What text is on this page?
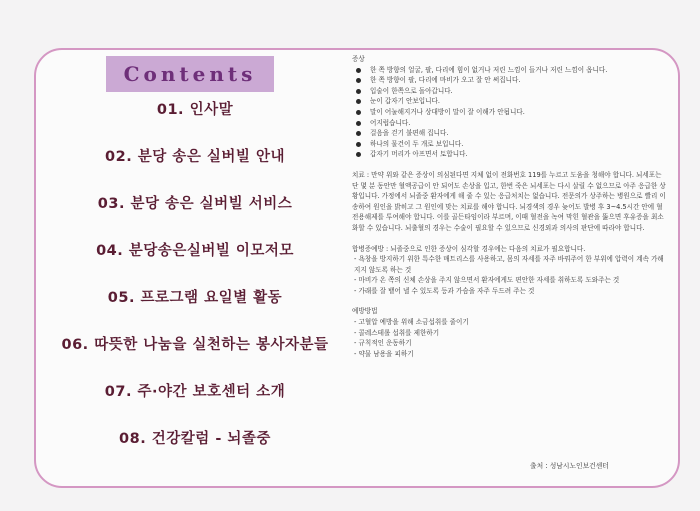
Contents
01. 인사말
02. 분당 송은 실버빌 안내
03. 분당 송은 실버빌 서비스
04. 분당송은실버빌 이모저모
05. 프로그램 요일별 활동
06. 따뜻한 나눔을 실천하는 봉사자분들
07. 주·야간 보호센터 소개
08. 건강칼럼 - 뇌졸중
증상
한 쪽 방향의 얼굴, 팔, 다리에 힘이 없거나 저린 느낌이 들거나 저린 느낌이 옵니다.
한 쪽 방향이 팔, 다리에 마비가 오고 잘 안 써집니다.
입술이 한쪽으로 돌아갑니다.
눈이 갑자기 안보입니다.
말이 어눌해지거나 상대방이 말이 잘 이해가 안됩니다.
어지럽습니다.
걸음을 걷기 불편해 집니다.
하나의 물건이 두 개로 보입니다.
갑자기 머리가 아프면서 토합니다.

치료 : 만약 위와 같은 증상이 의심된다면 지체 없이 전화번호 119를 누르고 도움을 청해야 합니다. 뇌세포는 단 몇 분 동안만 혈액공급이 안 되어도 손상을 입고, 한번 죽은 뇌세포는 다시 살릴 수 없으므로 아주 응급한 상황입니다. 가정에서 뇌졸중 환자에게 해 줄 수 있는 응급처치는 없습니다. 전문의가 상주하는 병원으로 빨리 이송하여 원인을 밝히고 그 원인에 맞는 치료를 해야 합니다. 뇌경색의 경우 늦어도 발병 후 3~4.5시간 안에 혈전용해제를 투여해야 합니다. 이를 골든타임이라 부르며, 이때 혈전을 녹여 막힌 혈관을 뚫으면 후유증을 최소화할 수 있습니다. 뇌출혈의 경우는 수술이 필요할 수 있으므로 신경외과 의사의 판단에 따라야 합니다.

합병증예방 : 뇌졸중으로 인한 증상이 심각할 경우에는 다음의 치료가 필요합니다.
- 욕창을 방지하기 위한 특수한 매트리스를 사용하고, 몸의 자세를 자주 바꿔주어 한 부위에 압력이 계속 가해지지 않도록 하는 것
- 마비가 온 쪽의 신체 손상을 주지 않으면서 환자에게도 편안한 자세를 취하도록 도와주는 것
- 가래를 잘 뱉어 낼 수 있도록 등과 가슴을 자주 두드려 주는 것
예방방법
- 고혈압 예방을 위해 소금섭취를 줄이기
- 콜레스테롤 섭취를 제한하기
- 규칙적인 운동하기
- 약물 남용을 피하기
출처 : 성남시노인보건센터
